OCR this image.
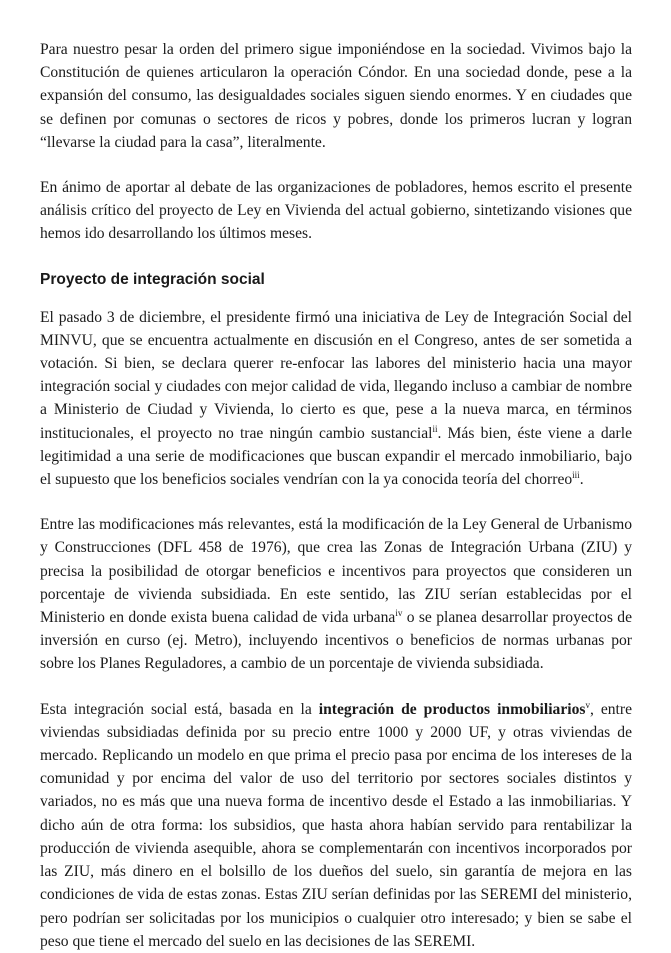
Para nuestro pesar la orden del primero sigue imponiéndose en la sociedad. Vivimos bajo la Constitución de quienes articularon la operación Cóndor. En una sociedad donde, pese a la expansión del consumo, las desigualdades sociales siguen siendo enormes. Y en ciudades que se definen por comunas o sectores de ricos y pobres, donde los primeros lucran y logran “llevarse la ciudad para la casa”, literalmente.

En ánimo de aportar al debate de las organizaciones de pobladores, hemos escrito el presente análisis crítico del proyecto de Ley en Vivienda del actual gobierno, sintetizando visiones que hemos ido desarrollando los últimos meses.

Proyecto de integración social

El pasado 3 de diciembre, el presidente firmó una iniciativa de Ley de Integración Social del MINVU, que se encuentra actualmente en discusión en el Congreso, antes de ser sometida a votación. Si bien, se declara querer re-enfocar las labores del ministerio hacia una mayor integración social y ciudades con mejor calidad de vida, llegando incluso a cambiar de nombre a Ministerio de Ciudad y Vivienda, lo cierto es que, pese a la nueva marca, en términos institucionales, el proyecto no trae ningún cambio sustancial$^{ii}$. Más bien, éste viene a darle legitimidad a una serie de modificaciones que buscan expandir el mercado inmobiliario, bajo el supuesto que los beneficios sociales vendrían con la ya conocida teoría del chorreo$^{iii}$.

Entre las modificaciones más relevantes, está la modificación de la Ley General de Urbanismo y Construcciones (DFL 458 de 1976), que crea las Zonas de Integración Urbana (ZIU) y precisa la posibilidad de otorgar beneficios e incentivos para proyectos que consideren un porcentaje de vivienda subsidiada. En este sentido, las ZIU serían establecidas por el Ministerio en donde exista buena calidad de vida urbana$^{iv}$ o se planea desarrollar proyectos de inversión en curso (ej. Metro), incluyendo incentivos o beneficios de normas urbanas por sobre los Planes Reguladores, a cambio de un porcentaje de vivienda subsidiada.

Esta integración social está, basada en la integración de productos inmobiliarios$^v$, entre viviendas subsidiadas definida por su precio entre 1000 y 2000 UF, y otras viviendas de mercado. Replicando un modelo en que prima el precio pasa por encima de los intereses de la comunidad y por encima del valor de uso del territorio por sectores sociales distintos y variados, no es más que una nueva forma de incentivo desde el Estado a las inmobiliarias. Y dicho aún de otra forma: los subsidios, que hasta ahora habían servido para rentabilizar la producción de vivienda asequible, ahora se complementarán con incentivos incorporados por las ZIU, más dinero en el bolsillo de los dueños del suelo, sin garantía de mejora en las condiciones de vida de estas zonas. Estas ZIU serían definidas por las SEREMI del ministerio, pero podrían ser solicitadas por los municipios o cualquier otro interesado; y bien se sabe el peso que tiene el mercado del suelo en las decisiones de las SEREMI.
